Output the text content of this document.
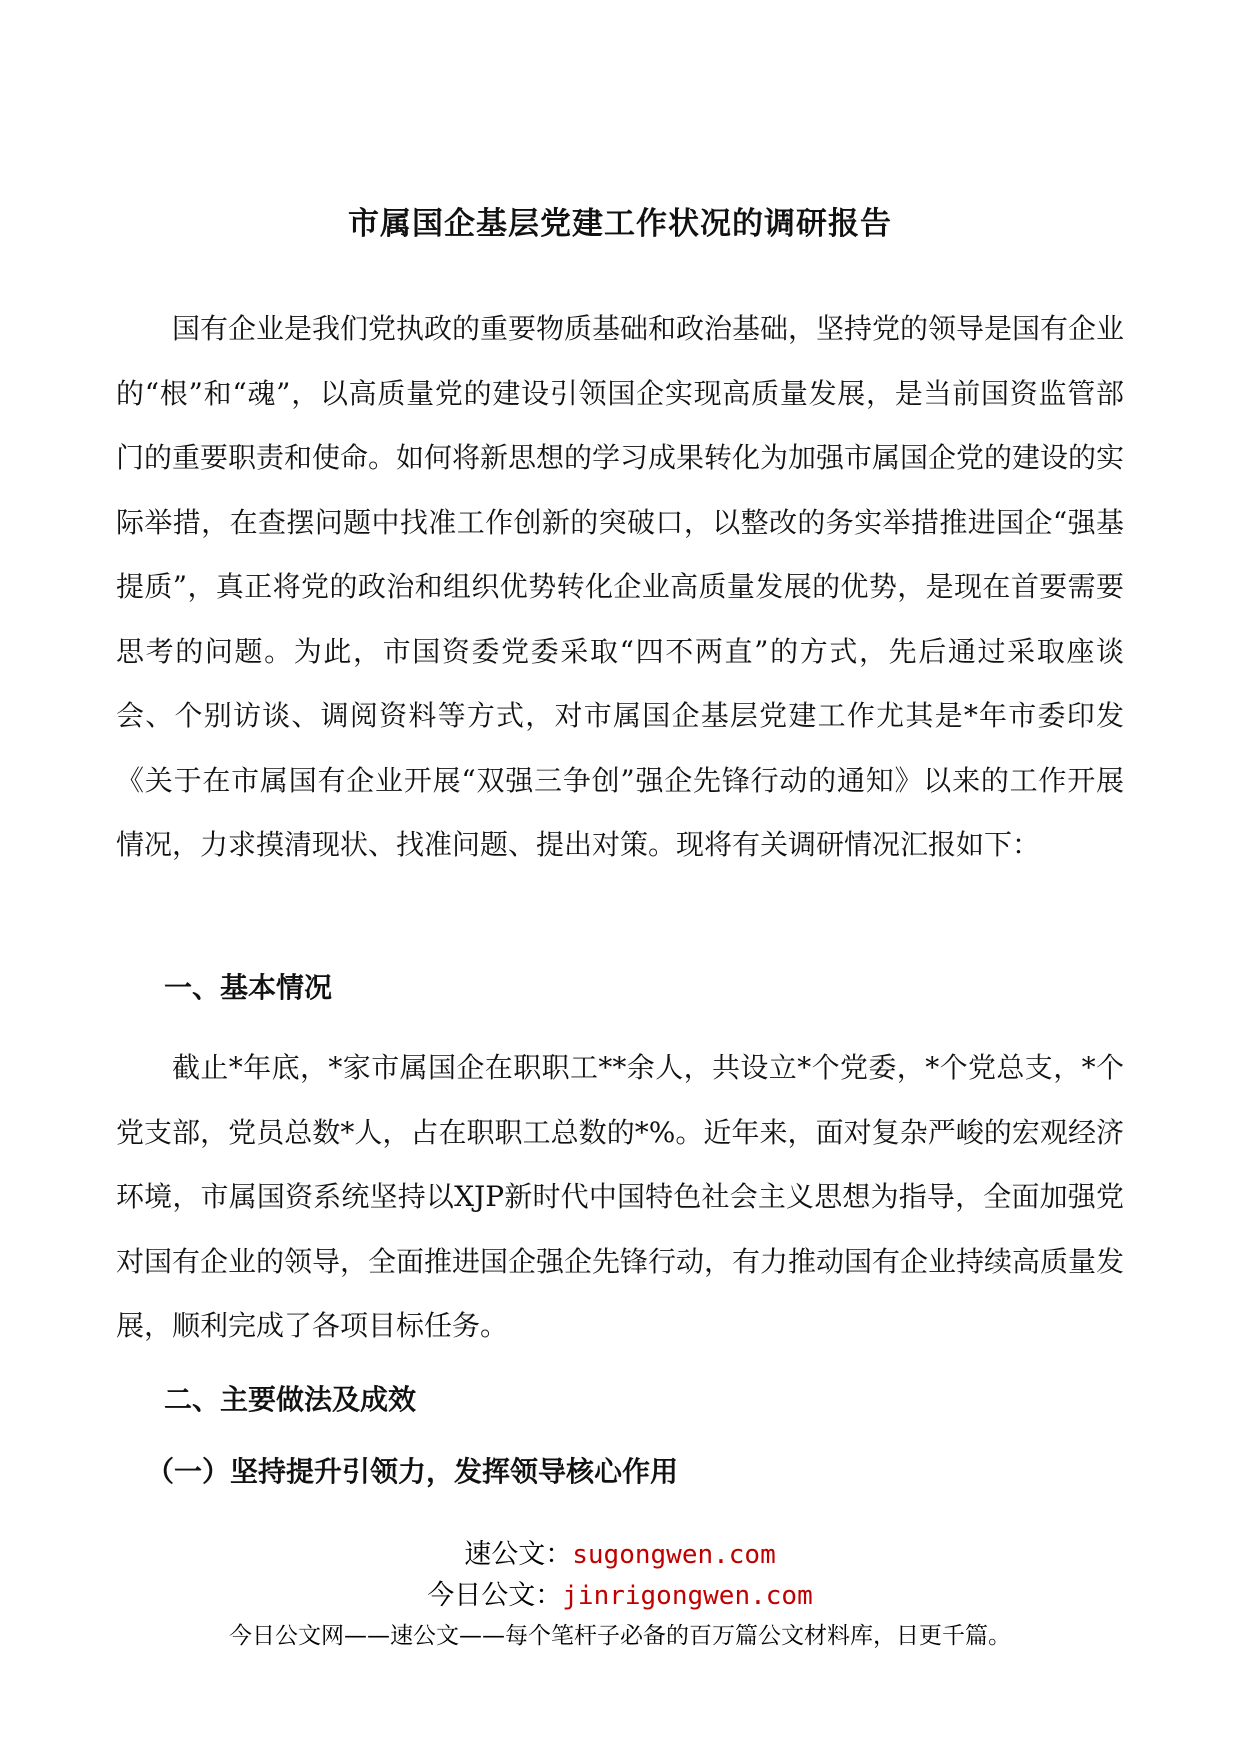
市属国企基层党建工作状况的调研报告

国有企业是我们党执政的重要物质基础和政治基础，坚持党的领导是国有企业的“根”和“魂”，以高质量党的建设引领国企实现高质量发展，是当前国资监管部门的重要职责和使命。如何将新思想的学习成果转化为加强市属国企党的建设的实际举措，在查摆问题中找准工作创新的突破口，以整改的务实举措推进国企“强基提质”，真正将党的政治和组织优势转化企业高质量发展的优势，是现在首要需要思考的问题。为此，市国资委党委采取“四不两直”的方式，先后通过采取座谈会、个别访谈、调阅资料等方式，对市属国企基层党建工作尤其是*年市委印发《关于在市属国有企业开展“双强三争创”强企先锋行动的通知》以来的工作开展情况，力求摸清现状、找准问题、提出对策。现将有关调研情况汇报如下：

一、基本情况

截止*年底，*家市属国企在职职工**余人，共设立*个党委，*个党总支，*个党支部，党员总数*人，占在职职工总数的*%。近年来，面对复杂严峻的宏观经济环境，市属国资系统坚持以XJP新时代中国特色社会主义思想为指导，全面加强党对国有企业的领导，全面推进国企强企先锋行动，有力推动国有企业持续高质量发展，顺利完成了各项目标任务。

二、主要做法及成效
（一）坚持提升引领力，发挥领导核心作用
速公文：sugongwen.com
今日公文：jinrigongwen.com
今日公文网——速公文——每个笔杆子必备的百万篇公文材料库，日更千篇。
